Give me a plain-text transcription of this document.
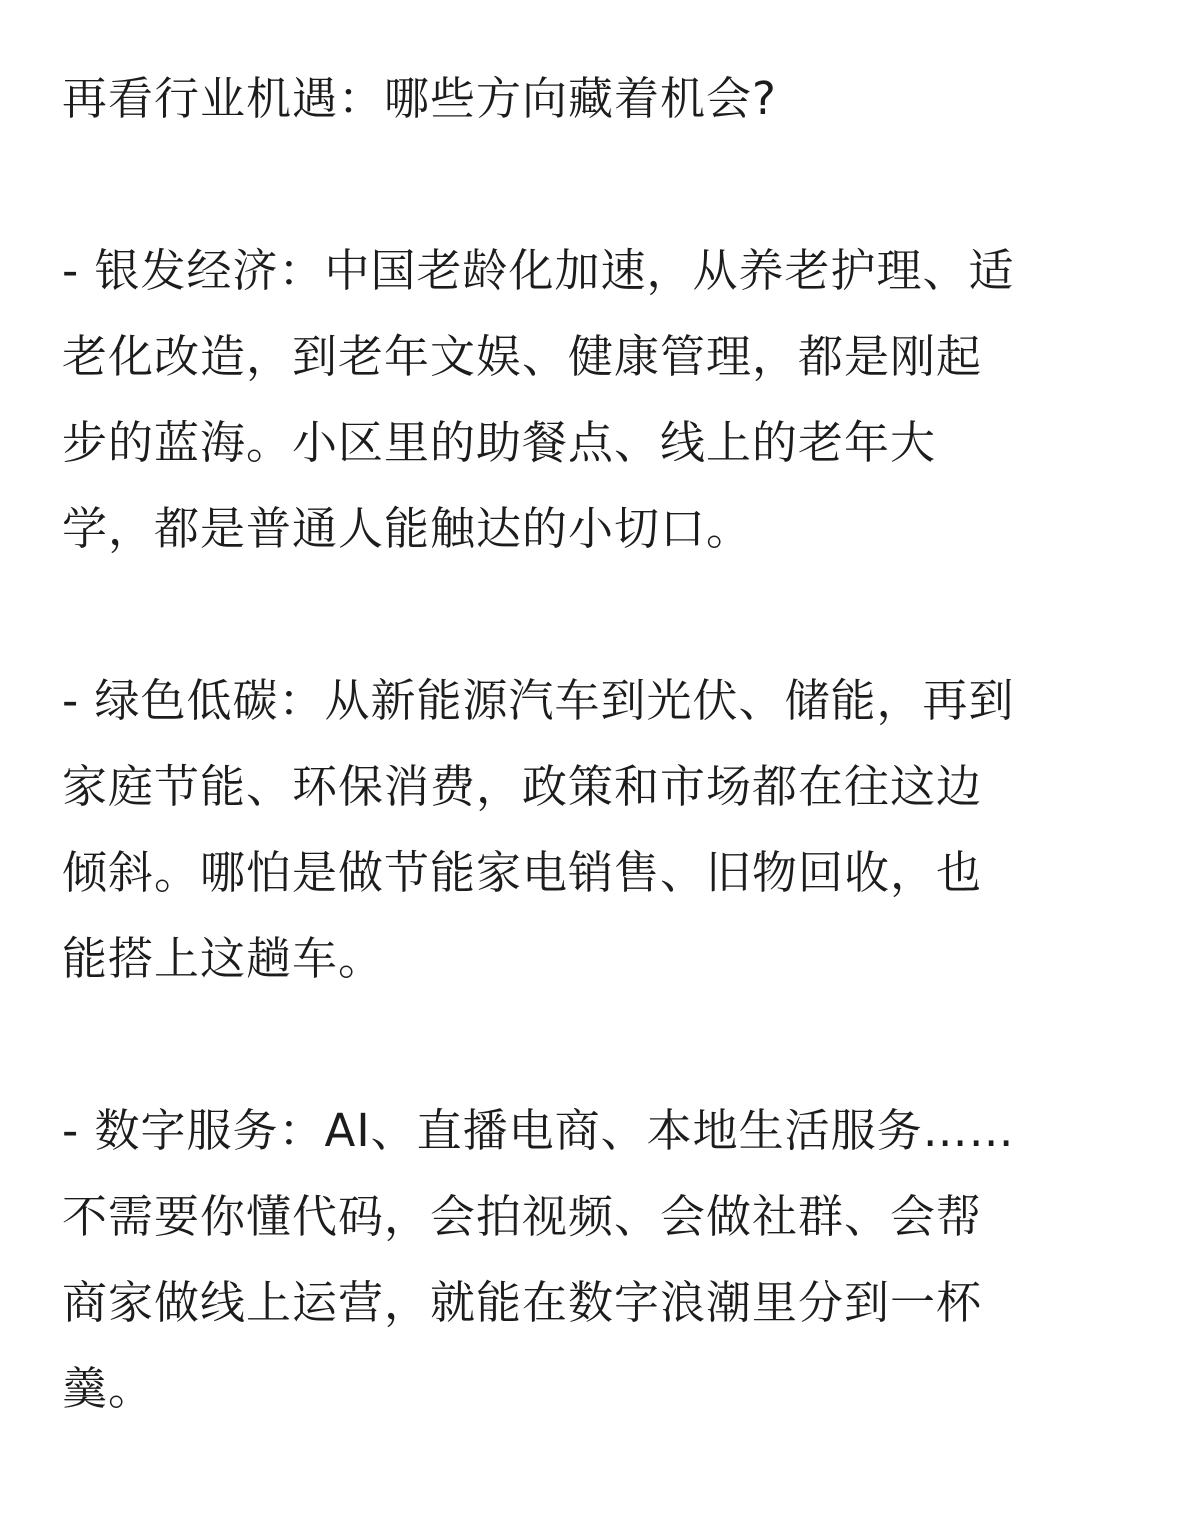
再看行业机遇：哪些方向藏着机会?

- 银发经济：中国老龄化加速，从养老护理、适
老化改造，到老年文娱、健康管理，都是刚起
步的蓝海。小区里的助餐点、线上的老年大
学，都是普通人能触达的小切口。

- 绿色低碳：从新能源汽车到光伏、储能，再到
家庭节能、环保消费，政策和市场都在往这边
倾斜。哪怕是做节能家电销售、旧物回收，也
能搭上这趟车。

- 数字服务：AI、直播电商、本地生活服务……
不需要你懂代码，会拍视频、会做社群、会帮
商家做线上运营，就能在数字浪潮里分到一杯
羹。
